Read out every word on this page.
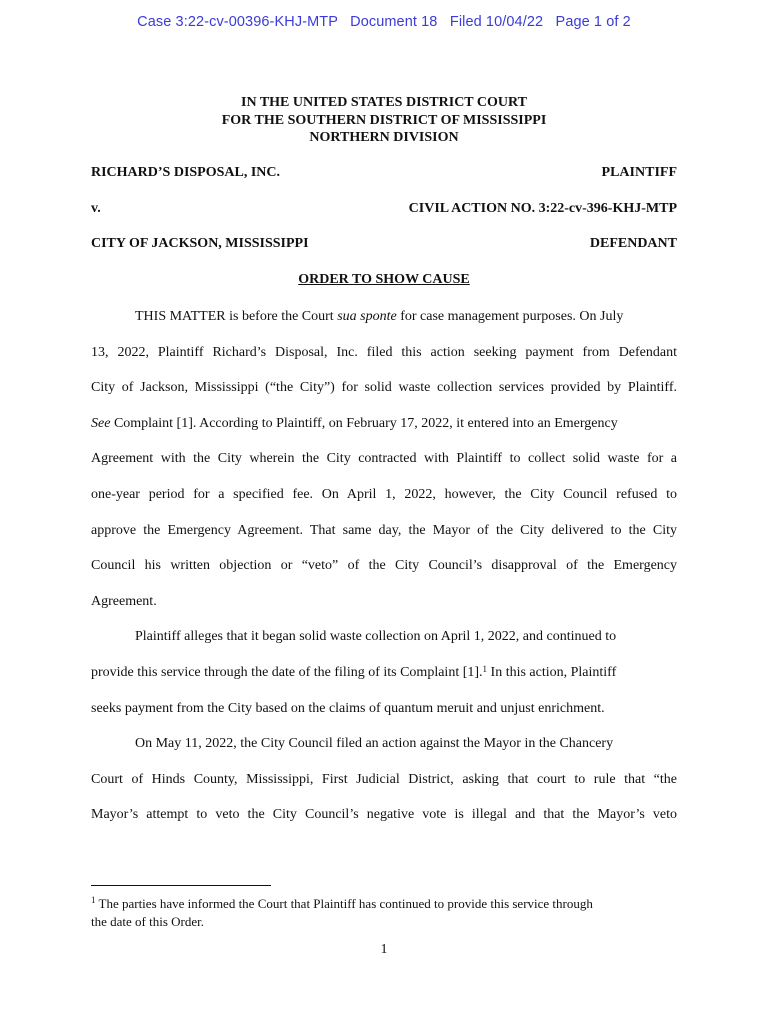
Case 3:22-cv-00396-KHJ-MTP   Document 18   Filed 10/04/22   Page 1 of 2
IN THE UNITED STATES DISTRICT COURT
FOR THE SOUTHERN DISTRICT OF MISSISSIPPI
NORTHERN DIVISION
RICHARD’S DISPOSAL, INC.	PLAINTIFF
v.	CIVIL ACTION NO. 3:22-cv-396-KHJ-MTP
CITY OF JACKSON, MISSISSIPPI	DEFENDANT
ORDER TO SHOW CAUSE
THIS MATTER is before the Court sua sponte for case management purposes. On July
13, 2022, Plaintiff Richard’s Disposal, Inc. filed this action seeking payment from Defendant
City of Jackson, Mississippi (“the City”) for solid waste collection services provided by Plaintiff.
See Complaint [1]. According to Plaintiff, on February 17, 2022, it entered into an Emergency
Agreement with the City wherein the City contracted with Plaintiff to collect solid waste for a
one-year period for a specified fee. On April 1, 2022, however, the City Council refused to
approve the Emergency Agreement. That same day, the Mayor of the City delivered to the City
Council his written objection or “veto” of the City Council’s disapproval of the Emergency
Agreement.
Plaintiff alleges that it began solid waste collection on April 1, 2022, and continued to
provide this service through the date of the filing of its Complaint [1].$^1$ In this action, Plaintiff
seeks payment from the City based on the claims of quantum meruit and unjust enrichment.
On May 11, 2022, the City Council filed an action against the Mayor in the Chancery
Court of Hinds County, Mississippi, First Judicial District, asking that court to rule that “the
Mayor’s attempt to veto the City Council’s negative vote is illegal and that the Mayor’s veto
$^1$ The parties have informed the Court that Plaintiff has continued to provide this service through
the date of this Order.
1
